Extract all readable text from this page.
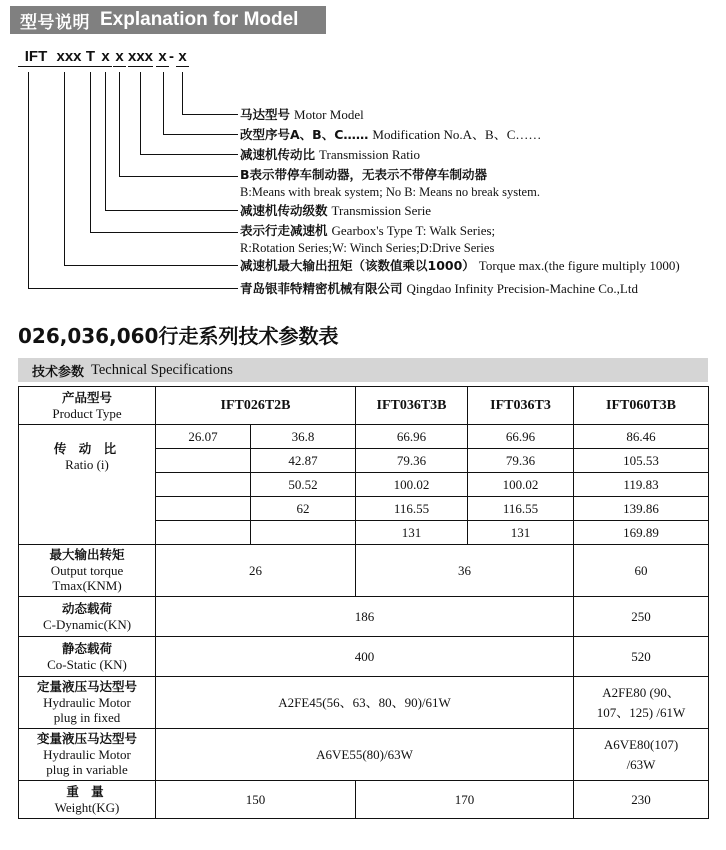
型号说明 Explanation for Model
IFT xxx T x x xxx x x
-
马达型号 Motor Model
改型序号A、B、C…… Modification No.A、B、C……
减速机传动比 Transmission Ratio
B表示带停车制动器，无表示不带停车制动器
B:Means with break system; No B: Means no break system.
减速机传动级数 Transmission Serie
表示行走减速机 Gearbox's Type T: Walk Series;
R:Rotation Series;W: Winch Series;D:Drive Series
减速机最大输出扭矩（该数值乘以1000） Torque max.(the figure multiply 1000)
青岛银菲特精密机械有限公司 Qingdao Infinity Precision-Machine Co.,Ltd
026,036,060行走系列技术参数表
技术参数 Technical Specifications
产品型号
Product Type	IFT026T2B		IFT036T3B	IFT036T3	IFT060T3B

传 动 比
Ratio (i)	26.07	36.8	66.96	66.96	86.46
		42.87	79.36	79.36	105.53
		50.52	100.02	100.02	119.83
		62	116.55	116.55	139.86
			131	131	169.89

最大输出转矩
Output torque
Tmax(KNM)	26		36		60

动态载荷
C-Dynamic(KN)	186				250

静态载荷
Co-Static (KN)	400				520

定量液压马达型号
Hydraulic Motor
plug in fixed	A2FE45(56、63、80、90)/61W				A2FE80 (90、
107、125) /61W

变量液压马达型号
Hydraulic Motor
plug in variable	A6VE55(80)/63W				A6VE80(107)
/63W

重 量
Weight(KG)	150		170		230
